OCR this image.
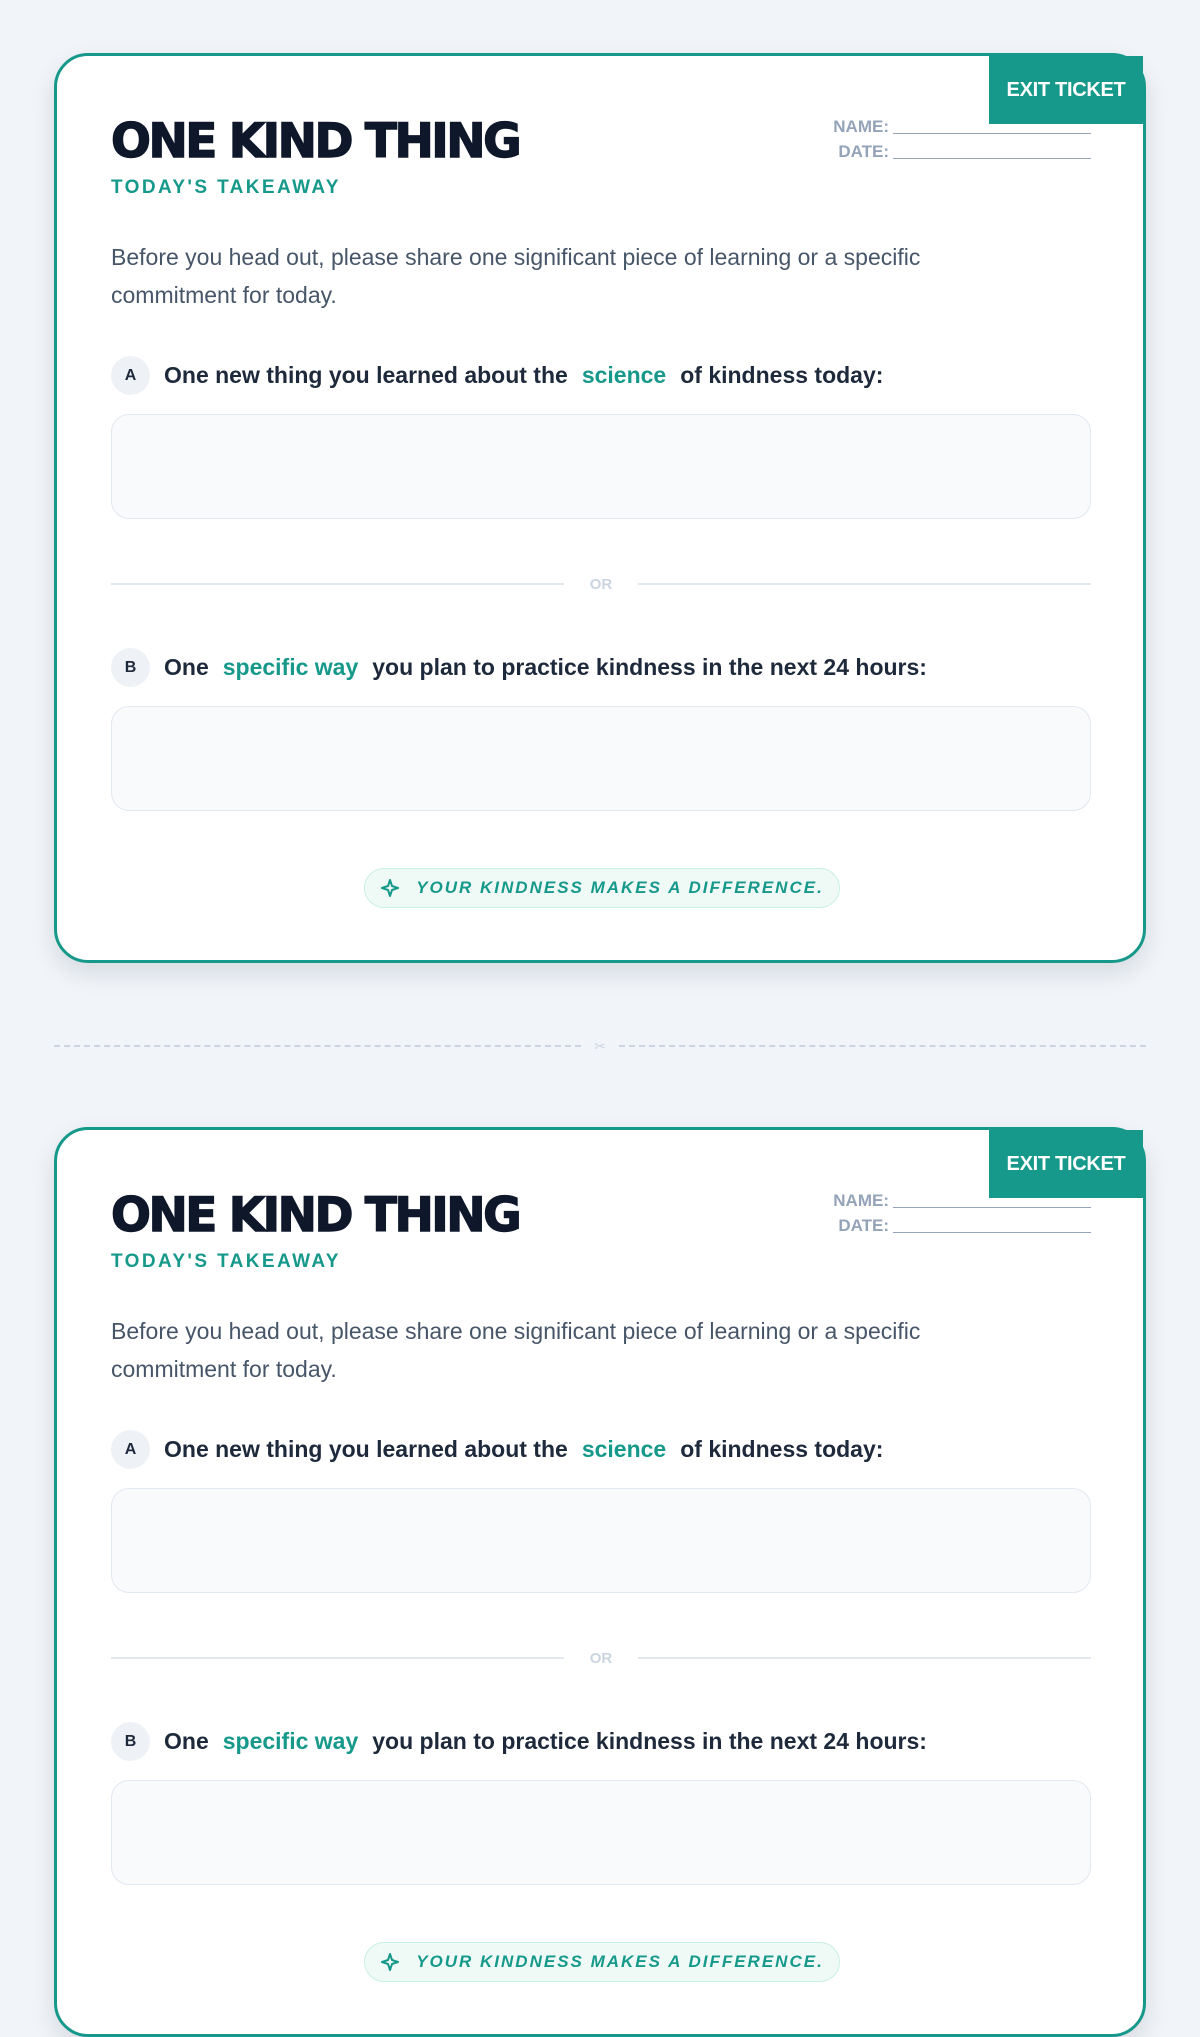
EXIT TICKET
ONE KIND THING
TODAY'S TAKEAWAY
NAME:
DATE:
Before you head out, please share one significant piece of learning or a specific commitment for today.
A	One new thing you learned about the science of kindness today:
OR
B	One specific way you plan to practice kindness in the next 24 hours:
YOUR KINDNESS MAKES A DIFFERENCE.
✂
EXIT TICKET
ONE KIND THING
TODAY'S TAKEAWAY
NAME:
DATE:
Before you head out, please share one significant piece of learning or a specific commitment for today.
A	One new thing you learned about the science of kindness today:
OR
B	One specific way you plan to practice kindness in the next 24 hours:
YOUR KINDNESS MAKES A DIFFERENCE.
